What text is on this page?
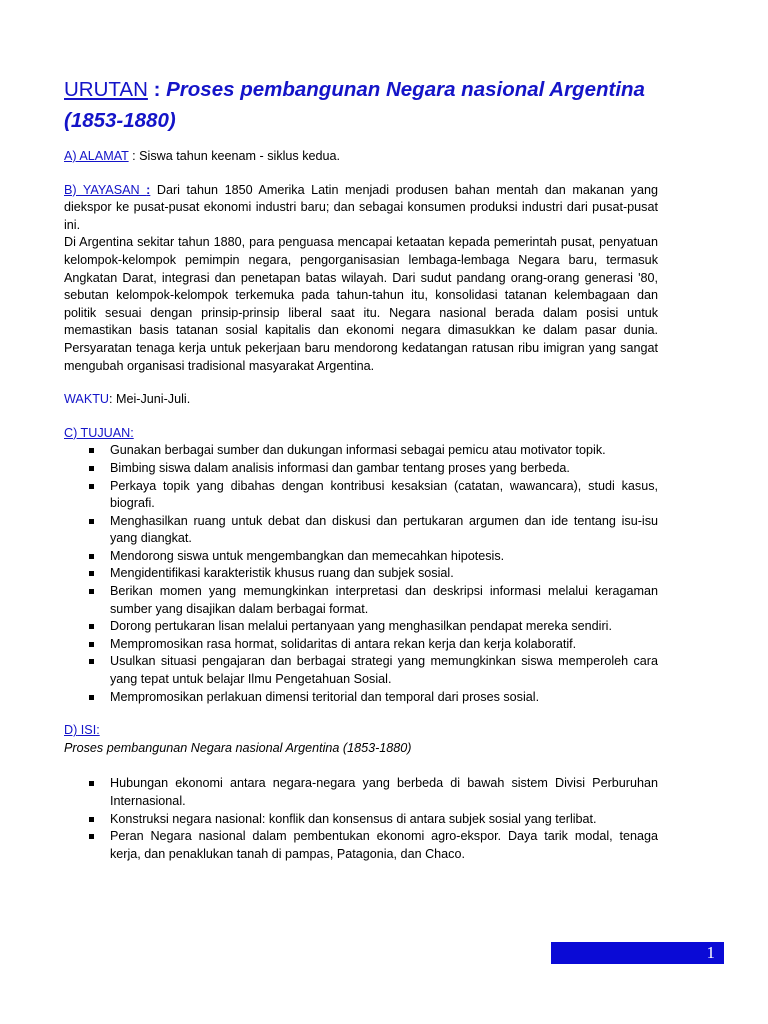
URUTAN : Proses pembangunan Negara nasional Argentina (1853-1880)

A) ALAMAT : Siswa tahun keenam - siklus kedua.

B) YAYASAN : Dari tahun 1850 Amerika Latin menjadi produsen bahan mentah dan makanan yang diekspor ke pusat-pusat ekonomi industri baru; dan sebagai konsumen produksi industri dari pusat-pusat ini.

Di Argentina sekitar tahun 1880, para penguasa mencapai ketaatan kepada pemerintah pusat, penyatuan kelompok-kelompok pemimpin negara, pengorganisasian lembaga-lembaga Negara baru, termasuk Angkatan Darat, integrasi dan penetapan batas wilayah. Dari sudut pandang orang-orang generasi '80, sebutan kelompok-kelompok terkemuka pada tahun-tahun itu, konsolidasi tatanan kelembagaan dan politik sesuai dengan prinsip-prinsip liberal saat itu. Negara nasional berada dalam posisi untuk memastikan basis tatanan sosial kapitalis dan ekonomi negara dimasukkan ke dalam pasar dunia. Persyaratan tenaga kerja untuk pekerjaan baru mendorong kedatangan ratusan ribu imigran yang sangat mengubah organisasi tradisional masyarakat Argentina.

WAKTU: Mei-Juni-Juli.

C) TUJUAN:

Gunakan berbagai sumber dan dukungan informasi sebagai pemicu atau motivator topik.
Bimbing siswa dalam analisis informasi dan gambar tentang proses yang berbeda.
Perkaya topik yang dibahas dengan kontribusi kesaksian (catatan, wawancara), studi kasus, biografi.
Menghasilkan ruang untuk debat dan diskusi dan pertukaran argumen dan ide tentang isu-isu yang diangkat.
Mendorong siswa untuk mengembangkan dan memecahkan hipotesis.
Mengidentifikasi karakteristik khusus ruang dan subjek sosial.
Berikan momen yang memungkinkan interpretasi dan deskripsi informasi melalui keragaman sumber yang disajikan dalam berbagai format.
Dorong pertukaran lisan melalui pertanyaan yang menghasilkan pendapat mereka sendiri.
Mempromosikan rasa hormat, solidaritas di antara rekan kerja dan kerja kolaboratif.
Usulkan situasi pengajaran dan berbagai strategi yang memungkinkan siswa memperoleh cara yang tepat untuk belajar Ilmu Pengetahuan Sosial.
Mempromosikan perlakuan dimensi teritorial dan temporal dari proses sosial.

D) ISI:

Proses pembangunan Negara nasional Argentina (1853-1880)

Hubungan ekonomi antara negara-negara yang berbeda di bawah sistem Divisi Perburuhan Internasional.
Konstruksi negara nasional: konflik dan konsensus di antara subjek sosial yang terlibat.
Peran Negara nasional dalam pembentukan ekonomi agro-ekspor. Daya tarik modal, tenaga kerja, dan penaklukan tanah di pampas, Patagonia, dan Chaco.
1
